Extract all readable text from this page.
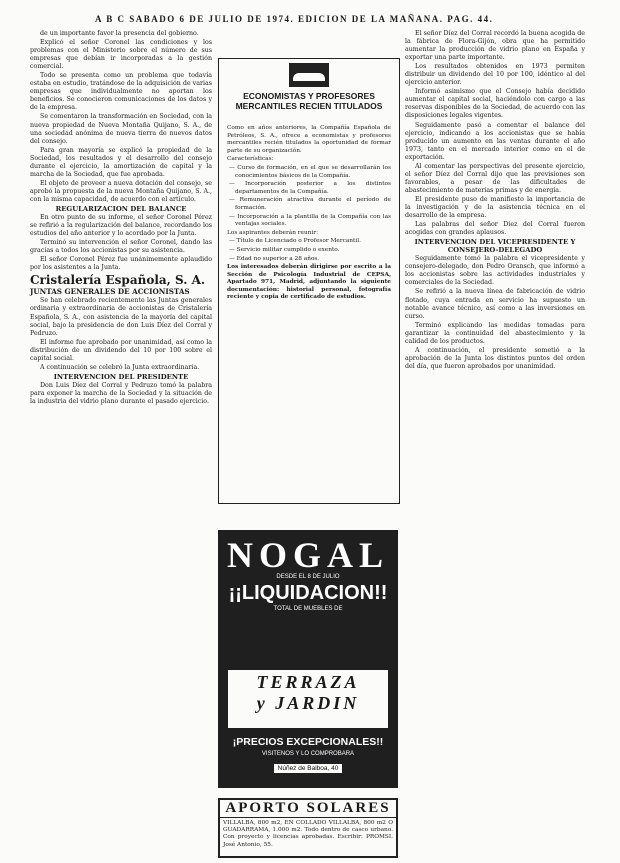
A B C SABADO 6 DE JULIO DE 1974. EDICION DE LA MAÑANA. PAG. 44.

de un importante favor la presencia del gobierno.

Explicó el señor Coronel las condiciones y los problemas con el Ministerio sobre el número de sus empresas que debían ir incorporadas a la gestión comercial.

Todo se presenta como un problema que todavía estaba en estudio, tratándose de la adquisición de varias empresas que individualmente no aportan los beneficios. Se conocieron comunicaciones de los datos y de la empresa.

Se comentaron la transformación en Sociedad, con la nueva propiedad de Nueva Montaña Quijano, S. A., de una sociedad anónima de nueva tierra de nuevos datos del consejo.

Para gran mayoría se explicó la propiedad de la Sociedad, los resultados y el desarrollo del consejo durante el ejercicio, la amortización de capital y la marcha de la Sociedad, que fue aprobada.

El objeto de proveer a nueva dotación del consejo, se aprobó la propuesta de la nueva Montaña Quijano, S. A., con la misma capacidad, de acuerdo con el artículo.

REGULARIZACION DEL BALANCE

En otro punto de su informe, el señor Coronel Pérez se refirió a la regularización del balance, recordando los estudios del año anterior y lo acordado por la Junta.

Terminó su intervención el señor Coronel, dando las gracias a todos los accionistas por su asistencia.

El señor Coronel Pérez fue unánimemente aplaudido por los asistentes a la Junta.

Cristalería Española, S. A.

JUNTAS GENERALES DE ACCIONISTAS

Se han celebrado recientemente las Juntas generales ordinaria y extraordinaria de accionistas de Cristalería Española, S. A., con asistencia de la mayoría del capital social, bajo la presidencia de don Luis Díez del Corral y Pedruzo.

El informe fue aprobado por unanimidad, así como la distribución de un dividendo del 10 por 100 sobre el capital social.

A continuación se celebró la Junta extraordinaria.

INTERVENCION DEL PRESIDENTE

Don Luis Díez del Corral y Pedruzo tomó la palabra para exponer la marcha de la Sociedad y la situación de la industria del vidrio plano durante el pasado ejercicio.

ECONOMISTAS Y PROFESORES MERCANTILES RECIEN TITULADOS

Como en años anteriores, la Compañía Española de Petróleos, S. A., ofrece a economistas y profesores mercantiles recién titulados la oportunidad de formar parte de su organización.

Características:

— Curso de formación, en el que se desarrollarán los conocimientos básicos de la Compañía.

— Incorporación posterior a los distintos departamentos de la Compañía.

— Remuneración atractiva durante el período de formación.

— Incorporación a la plantilla de la Compañía con las ventajas sociales.

Los aspirantes deberán reunir:

— Título de Licenciado o Profesor Mercantil.

— Servicio militar cumplido o exento.

— Edad no superior a 28 años.

Los interesados deberán dirigirse por escrito a la Sección de Psicología Industrial de CEPSA, Apartado 971, Madrid, adjuntando la siguiente documentación: historial personal, fotografía reciente y copia de certificado de estudios.

NOGAL
DESDE EL 8 DE JULIO
¡¡LIQUIDACION!!
TOTAL DE MUEBLES DE
TERRAZA
y JARDIN
¡PRECIOS EXCEPCIONALES!!
VISITENOS Y LO COMPROBARA
Núñez de Balboa, 40
APORTO SOLARES
VILLALBA, 800 m2, EN COLLADO VILLALBA, 800 m2 O GUADARRAMA, 1.000 m2. Todo dentro de casco urbano. Con proyecto y licencias aprobadas. Escribir: PROMSI. José Antonio, 55.

El señor Díez del Corral recordó la buena acogida de la fábrica de Flora-Gijón, obra que ha permitido aumentar la producción de vidrio plano en España y exportar una parte importante.

Los resultados obtenidos en 1973 permiten distribuir un dividendo del 10 por 100, idéntico al del ejercicio anterior.

Informó asimismo que el Consejo había decidido aumentar el capital social, haciéndolo con cargo a las reservas disponibles de la Sociedad, de acuerdo con las disposiciones legales vigentes.

Seguidamente pasó a comentar el balance del ejercicio, indicando a los accionistas que se había producido un aumento en las ventas durante el año 1973, tanto en el mercado interior como en el de exportación.

Al comentar las perspectivas del presente ejercicio, el señor Díez del Corral dijo que las previsiones son favorables, a pesar de las dificultades de abastecimiento de materias primas y de energía.

El presidente puso de manifiesto la importancia de la investigación y de la asistencia técnica en el desarrollo de la empresa.

Las palabras del señor Díez del Corral fueron acogidas con grandes aplausos.

INTERVENCION DEL VICEPRESIDENTE Y CONSEJERO-DELEGADO

Seguidamente tomó la palabra el vicepresidente y consejero-delegado, don Pedro Oransch, que informó a los accionistas sobre las actividades industriales y comerciales de la Sociedad.

Se refirió a la nueva línea de fabricación de vidrio flotado, cuya entrada en servicio ha supuesto un notable avance técnico, así como a las inversiones en curso.

Terminó explicando las medidas tomadas para garantizar la continuidad del abastecimiento y la calidad de los productos.

A continuación, el presidente sometió a la aprobación de la Junta los distintos puntos del orden del día, que fueron aprobados por unanimidad.
